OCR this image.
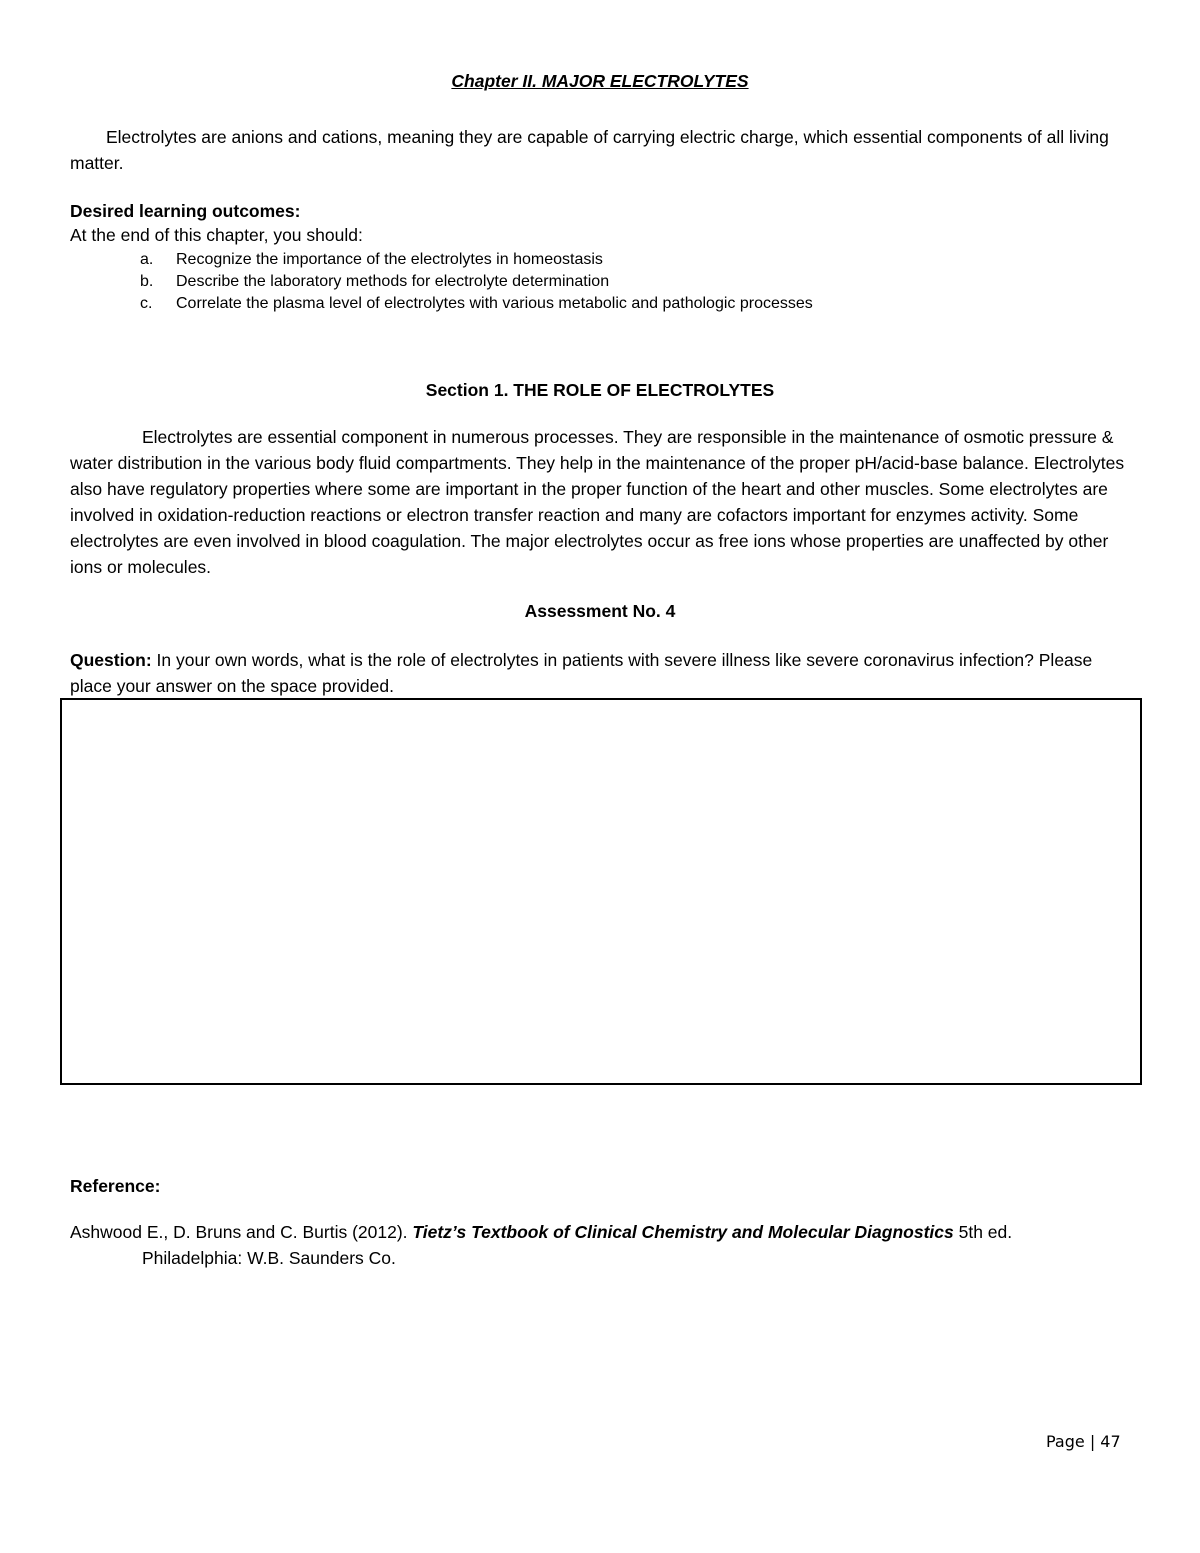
Chapter II. MAJOR ELECTROLYTES

Electrolytes are anions and cations, meaning they are capable of carrying electric charge, which essential components of all living matter.

Desired learning outcomes:
At the end of this chapter, you should:
a. Recognize the importance of the electrolytes in homeostasis
b. Describe the laboratory methods for electrolyte determination
c. Correlate the plasma level of electrolytes with various metabolic and pathologic processes
Section 1. THE ROLE OF ELECTROLYTES

Electrolytes are essential component in numerous processes. They are responsible in the maintenance of osmotic pressure & water distribution in the various body fluid compartments. They help in the maintenance of the proper pH/acid-base balance. Electrolytes also have regulatory properties where some are important in the proper function of the heart and other muscles. Some electrolytes are involved in oxidation-reduction reactions or electron transfer reaction and many are cofactors important for enzymes activity. Some electrolytes are even involved in blood coagulation. The major electrolytes occur as free ions whose properties are unaffected by other ions or molecules.

Assessment No. 4

Question: In your own words, what is the role of electrolytes in patients with severe illness like severe coronavirus infection? Please place your answer on the space provided.

Reference:

Ashwood E., D. Bruns and C. Burtis (2012). Tietz’s Textbook of Clinical Chemistry and Molecular Diagnostics 5th ed.
Philadelphia: W.B. Saunders Co.

Page | 47
